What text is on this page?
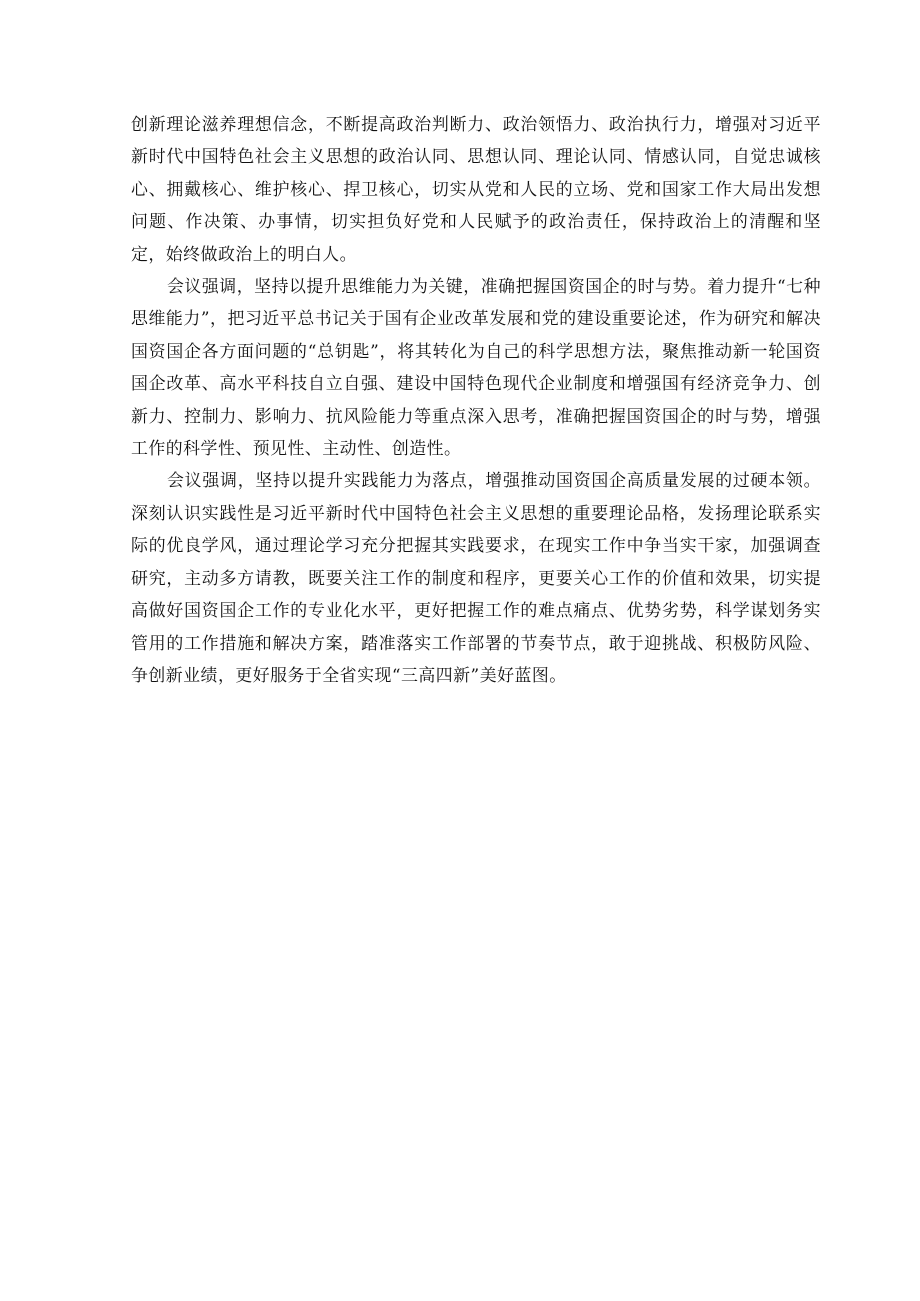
创新理论滋养理想信念，不断提高政治判断力、政治领悟力、政治执行力，增强对习近平新时代中国特色社会主义思想的政治认同、思想认同、理论认同、情感认同，自觉忠诚核心、拥戴核心、维护核心、捍卫核心，切实从党和人民的立场、党和国家工作大局出发想问题、作决策、办事情，切实担负好党和人民赋予的政治责任，保持政治上的清醒和坚定，始终做政治上的明白人。

会议强调，坚持以提升思维能力为关键，准确把握国资国企的时与势。着力提升“七种思维能力”，把习近平总书记关于国有企业改革发展和党的建设重要论述，作为研究和解决国资国企各方面问题的“总钥匙”，将其转化为自己的科学思想方法，聚焦推动新一轮国资国企改革、高水平科技自立自强、建设中国特色现代企业制度和增强国有经济竞争力、创新力、控制力、影响力、抗风险能力等重点深入思考，准确把握国资国企的时与势，增强工作的科学性、预见性、主动性、创造性。

会议强调，坚持以提升实践能力为落点，增强推动国资国企高质量发展的过硬本领。深刻认识实践性是习近平新时代中国特色社会主义思想的重要理论品格，发扬理论联系实际的优良学风，通过理论学习充分把握其实践要求，在现实工作中争当实干家，加强调查研究，主动多方请教，既要关注工作的制度和程序，更要关心工作的价值和效果，切实提高做好国资国企工作的专业化水平，更好把握工作的难点痛点、优势劣势，科学谋划务实管用的工作措施和解决方案，踏准落实工作部署的节奏节点，敢于迎挑战、积极防风险、争创新业绩，更好服务于全省实现“三高四新”美好蓝图。
